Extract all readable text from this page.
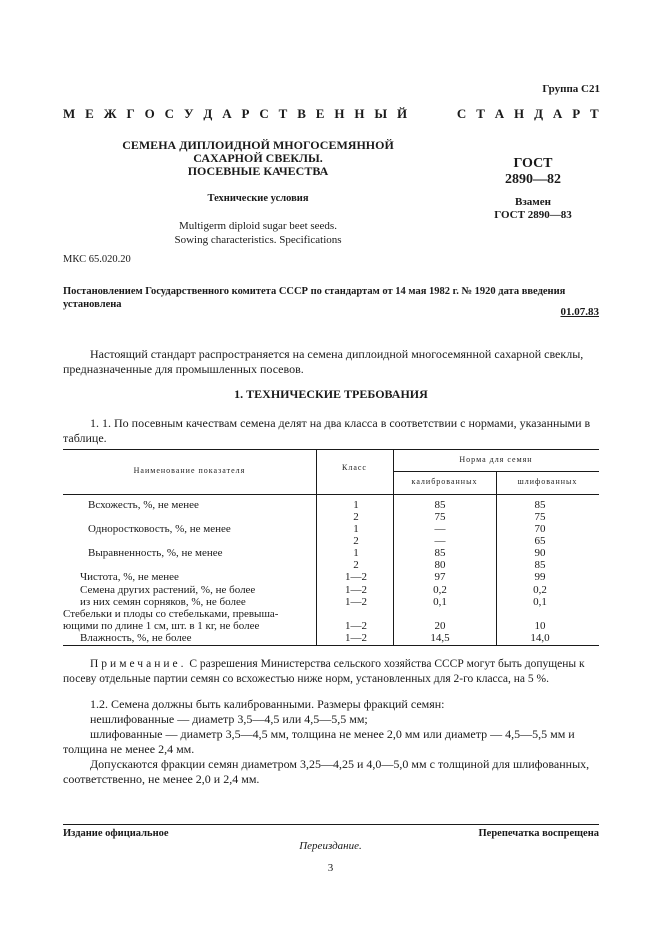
Группа С21
М Е Ж Г О С У Д А Р С Т В Е Н Н Ы Й	С Т А Н Д А Р Т
СЕМЕНА ДИПЛОИДНОЙ МНОГОСЕМЯННОЙ
САХАРНОЙ СВЕКЛЫ.
ПОСЕВНЫЕ КАЧЕСТВА
Технические условия
Multigerm diploid sugar beet seeds.
Sowing characteristics. Specifications
ГОСТ
2890—82
Взамен
ГОСТ 2890—83
МКС 65.020.20
Постановлением Государственного комитета СССР по стандартам от 14 мая 1982 г. № 1920 дата введения установлена
01.07.83
Настоящий стандарт распространяется на семена диплоидной многосемянной сахарной свеклы, предназначенные для промышленных посевов.
1. ТЕХНИЧЕСКИЕ ТРЕБОВАНИЯ
1. 1. По посевным качествам семена делят на два класса в соответствии с нормами, указанными в таблице.
Наименование показателя	Класс
Норма для семян
калиброванных	шлифованных
Всхожесть, %, не менее	1	85	85
2	75	75
Одноростковость, %, не менее	1	—	70
2	—	65
Выравненность, %, не менее	1	85	90
2	80	85
Чистота, %, не менее	1—2	97	99
Семена других растений, %, не более	1—2	0,2	0,2
из них семян сорняков, %, не более	1—2	0,1	0,1
Стебельки и плоды со стебельками, превыша-
ющими по длине 1 см, шт. в 1 кг, не более	1—2	20	10
Влажность, %, не более	1—2	14,5	14,0
Примечание. С разрешения Министерства сельского хозяйства СССР могут быть допущены к посеву отдельные партии семян со всхожестью ниже норм, установленных для 2-го класса, на 5 %.
1.2. Семена должны быть калиброванными. Размеры фракций семян:
нешлифованные — диаметр 3,5—4,5 или 4,5—5,5 мм;
шлифованные — диаметр 3,5—4,5 мм, толщина не менее 2,0 мм или диаметр — 4,5—5,5 мм и толщина не менее 2,4 мм.
Допускаются фракции семян диаметром 3,25—4,25 и 4,0—5,0 мм с толщиной для шлифованных, соответственно, не менее 2,0 и 2,4 мм.
Издание официальное	Перепечатка воспрещена
Переиздание.
3
